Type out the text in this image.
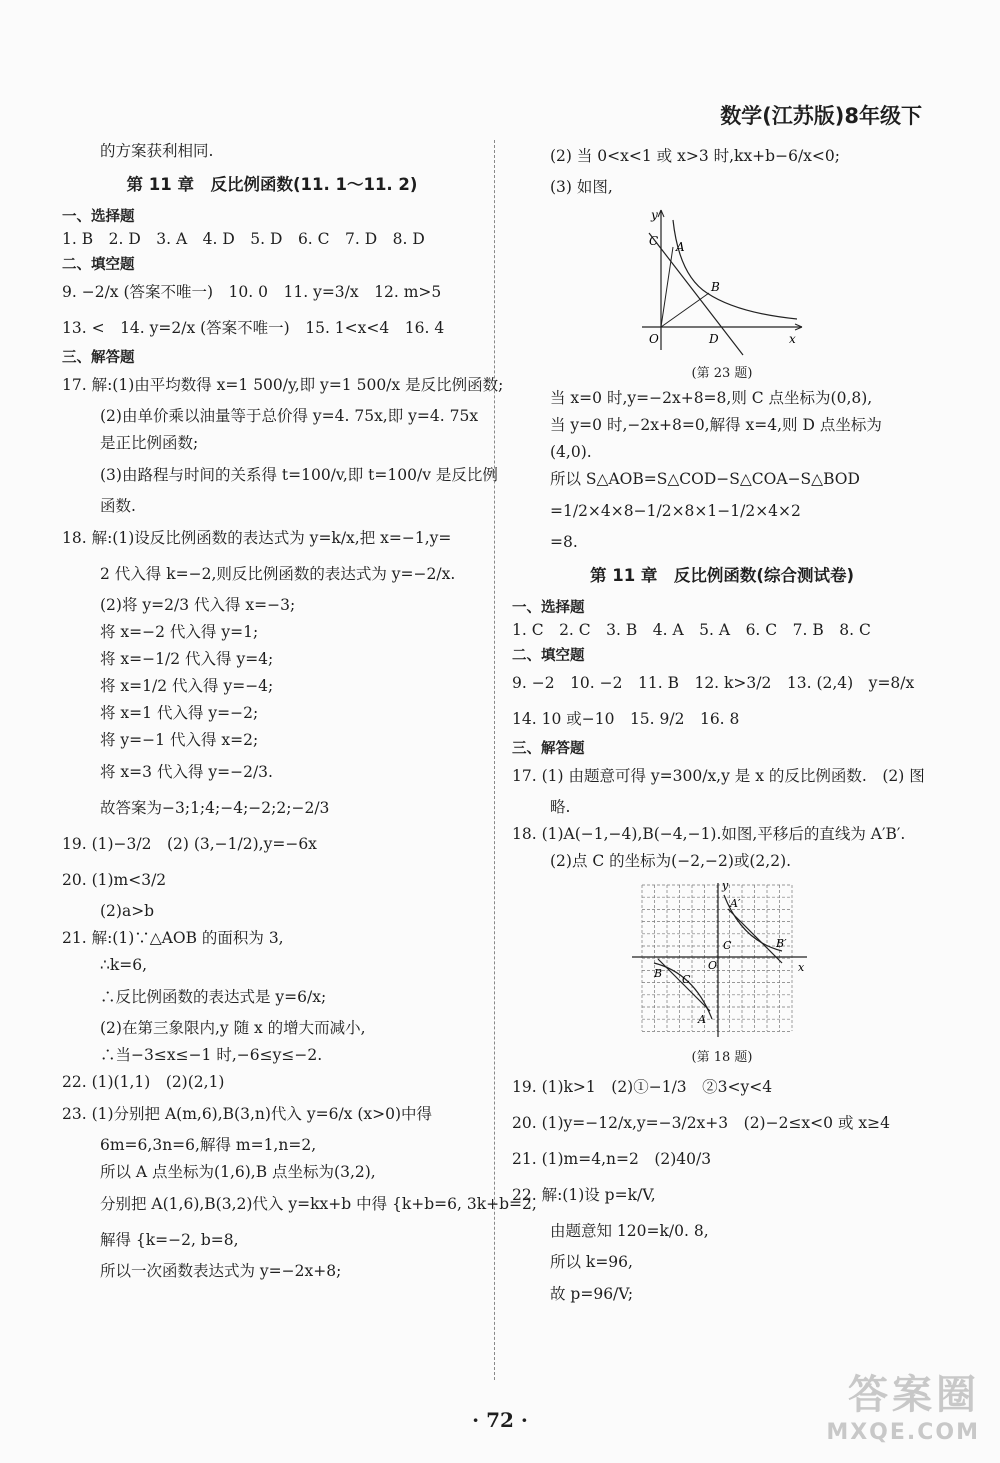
数学(江苏版)8年级下
的方案获利相同.
第 11 章　反比例函数(11. 1～11. 2)
一、选择题
1. B　2. D　3. A　4. D　5. D　6. C　7. D　8. D
二、填空题
9. −2/x (答案不唯一)　10. 0　11. y=3/x　12. m>5
13. <　14. y=2/x (答案不唯一)　15. 1<x<4　16. 4
三、解答题
17. 解:(1)由平均数得 x=1 500/y,即 y=1 500/x 是反比例函数;
(2)由单价乘以油量等于总价得 y=4. 75x,即 y=4. 75x
是正比例函数;
(3)由路程与时间的关系得 t=100/v,即 t=100/v 是反比例
函数.
18. 解:(1)设反比例函数的表达式为 y=k/x,把 x=−1,y=
2 代入得 k=−2,则反比例函数的表达式为 y=−2/x.
(2)将 y=2/3 代入得 x=−3;
将 x=−2 代入得 y=1;
将 x=−1/2 代入得 y=4;
将 x=1/2 代入得 y=−4;
将 x=1 代入得 y=−2;
将 y=−1 代入得 x=2;
将 x=3 代入得 y=−2/3.
故答案为−3;1;4;−4;−2;2;−2/3
19. (1)−3/2　(2) (3,−1/2),y=−6x
20. (1)m<3/2
(2)a>b
21. 解:(1)∵△AOB 的面积为 3,
∴k=6,
∴反比例函数的表达式是 y=6/x;
(2)在第三象限内,y 随 x 的增大而减小,
∴当−3≤x≤−1 时,−6≤y≤−2.
22. (1)(1,1)　(2)(2,1)
23. (1)分别把 A(m,6),B(3,n)代入 y=6/x (x>0)中得
6m=6,3n=6,解得 m=1,n=2,
所以 A 点坐标为(1,6),B 点坐标为(3,2),
分别把 A(1,6),B(3,2)代入 y=kx+b 中得 {k+b=6, 3k+b=2,
解得 {k=−2, b=8,
所以一次函数表达式为 y=−2x+8;
(2) 当 0<x<1 或 x>3 时,kx+b−6/x<0;
(3) 如图,
y
x
O
C A
B
D
(第 23 题)
当 x=0 时,y=−2x+8=8,则 C 点坐标为(0,8),
当 y=0 时,−2x+8=0,解得 x=4,则 D 点坐标为
(4,0).
所以 S△AOB=S△COD−S△COA−S△BOD
=1/2×4×8−1/2×8×1−1/2×4×2
=8.
第 11 章　反比例函数(综合测试卷)
一、选择题
1. C　2. C　3. B　4. A　5. A　6. C　7. B　8. C
二、填空题
9. −2　10. −2　11. B　12. k>3/2　13. (2,4)　y=8/x
14. 10 或−10　15. 9/2　16. 8
三、解答题
17. (1) 由题意可得 y=300/x,y 是 x 的反比例函数.　(2) 图
略.
18. (1)A(−1,−4),B(−4,−1).如图,平移后的直线为 A′B′.
(2)点 C 的坐标为(−2,−2)或(2,2).
y
x
O
A′
B′
C
C
B
A
(第 18 题)
19. (1)k>1　(2)①−1/3　②3<y<4
20. (1)y=−12/x,y=−3/2x+3　(2)−2≤x<0 或 x≥4
21. (1)m=4,n=2　(2)40/3
22. 解:(1)设 p=k/V,
由题意知 120=k/0. 8,
所以 k=96,
故 p=96/V;
· 72 ·
答案圈
MXQE.COM
